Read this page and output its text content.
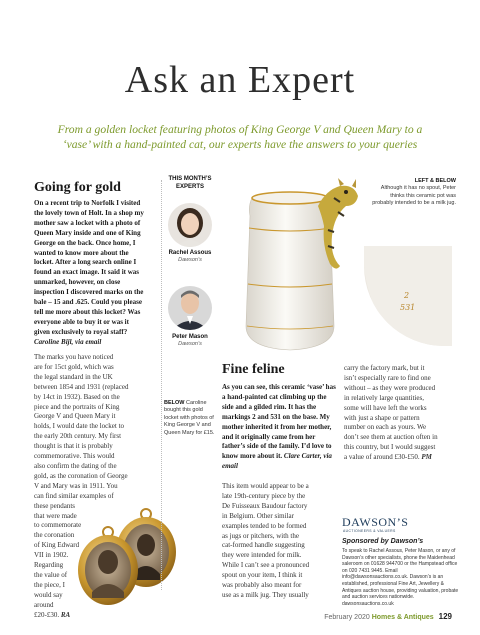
Ask an Expert
From a golden locket featuring photos of King George V and Queen Mary to a ‘vase’ with a hand-painted cat, our experts have the answers to your queries
Going for gold
On a recent trip to Norfolk I visited the lovely town of Holt. In a shop my mother saw a locket with a photo of Queen Mary inside and one of King George on the back. Once home, I wanted to know more about the locket. After a long search online I found an exact image. It said it was unmarked, however, on close inspection I discovered marks on the bale – 15 and .625. Could you please tell me more about this locket? Was everyone able to buy it or was it given exclusively to royal staff? Caroline Bijl, via email
The marks you have noticed
are for 15ct gold, which was
the legal standard in the UK
between 1854 and 1931 (replaced
by 14ct in 1932). Based on the
piece and the portraits of King
George V and Queen Mary it
holds, I would date the locket to
the early 20th century. My first
thought is that it is probably
commemorative. This would
also confirm the dating of the
gold, as the coronation of George
V and Mary was in 1911. You
can find similar examples of
these pendants
that were made
to commemorate
the coronation
of King Edward
VII in 1902.
Regarding
the value of
the piece, I
would say
around
£20-£30. RA
THIS MONTH’S EXPERTS
Rachel Assous
Dawson’s
Peter Mason
Dawson’s
BELOW Caroline bought this gold locket with photos of King George V and Queen Mary for £15.
LEFT & BELOW
Although it has no spout, Peter thinks this ceramic pot was probably intended to be a milk jug.
2
531
Fine feline
As you can see, this ceramic ‘vase’ has a hand-painted cat climbing up the side and a gilded rim. It has the markings 2 and 531 on the base. My mother inherited it from her mother, and it originally came from her father’s side of the family. I’d love to know more about it. Clare Carter, via email
This item would appear to be a
late 19th-century piece by the
De Fuisseaux Baudour factory
in Belgium. Other similar
examples tended to be formed
as jugs or pitchers, with the
cat-formed handle suggesting
they were intended for milk.
While I can’t see a pronounced
spout on your item, I think it
was probably also meant for
use as a milk jug. They usually
carry the factory mark, but it
isn’t especially rare to find one
without – as they were produced
in relatively large quantities,
some will have left the works
with just a shape or pattern
number on each as yours. We
don’t see them at auction often in
this country, but I would suggest
a value of around £30-£50. PM
DAWSON’S
AUCTIONEERS & VALUERS
Sponsored by Dawson’s
To speak to Rachel Assous, Peter Mason, or any of Dawson’s other specialists, phone the Maidenhead saleroom on 01628 944700 or the Hampstead office on 020 7431 9445. Email info@dawsonsauctions.co.uk. Dawson’s is an established, professional Fine Art, Jewellery & Antiques auction house, providing valuation, probate and auction services nationwide. dawsonsauctions.co.uk
February 2020 Homes & Antiques 129
